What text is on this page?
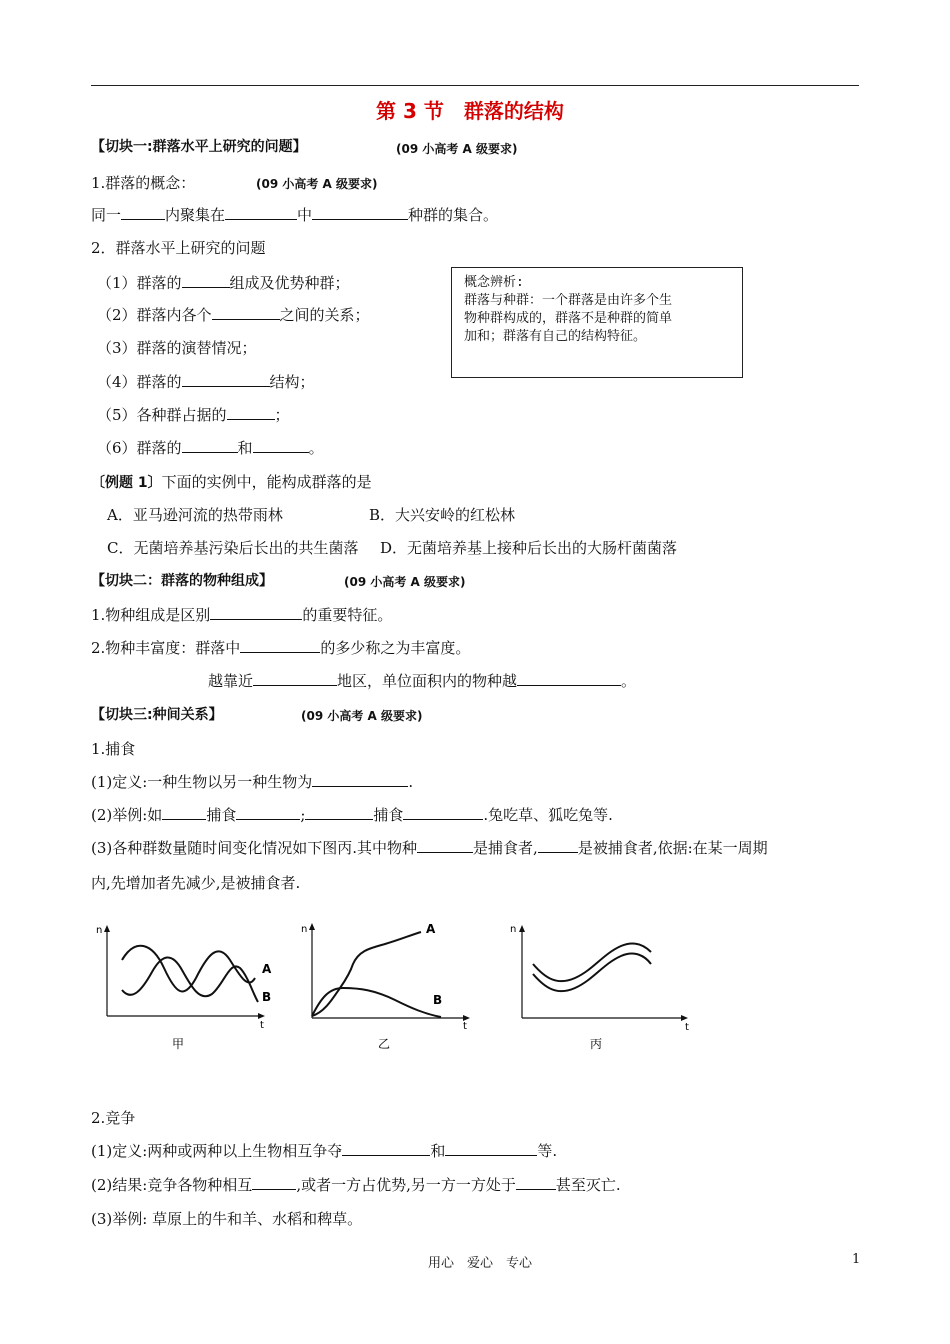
第 3 节　群落的结构
【切块一:群落水平上研究的问题】	(09 小高考 A 级要求)
1.群落的概念：	(09 小高考 A 级要求)
同一	内聚集在	中	种群的集合。
2．群落水平上研究的问题
（1）群落的	组成及优势种群；
（2）群落内各个	之间的关系；
（3）群落的演替情况；
（4）群落的	结构；
（5）各种群占据的	；
（6）群落的	和	。
概念辨析:
群落与种群：一个群落是由许多个生
物种群构成的，群落不是种群的简单
加和；群落有自己的结构特征。
〔例题 1〕下面的实例中，能构成群落的是
A．亚马逊河流的热带雨林	B．大兴安岭的红松林
C．无菌培养基污染后长出的共生菌落 D．无菌培养基上接种后长出的大肠杆菌菌落
【切块二：群落的物种组成】	(09 小高考 A 级要求)
1.物种组成是区别	的重要特征。
2.物种丰富度：群落中	的多少称之为丰富度。
越靠近	地区，单位面积内的物种越	。
【切块三:种间关系】	(09 小高考 A 级要求)
1.捕食
(1)定义:一种生物以另一种生物为	.
(2)举例:如	捕食	;	捕食	.兔吃草、狐吃兔等.
(3)各种群数量随时间变化情况如下图丙.其中物种	是捕食者,	是被捕食者,依据:在某一周期
内,先增加者先减少,是被捕食者.
n
t
A
B
甲
n
t
A
B
乙
n
t
丙
2.竞争
(1)定义:两种或两种以上生物相互争夺	和	等.
(2)结果:竞争各物种相互	,或者一方占优势,另一方一方处于	甚至灭亡.
(3)举例: 草原上的牛和羊、水稻和稗草。
用心　爱心　专心	1
